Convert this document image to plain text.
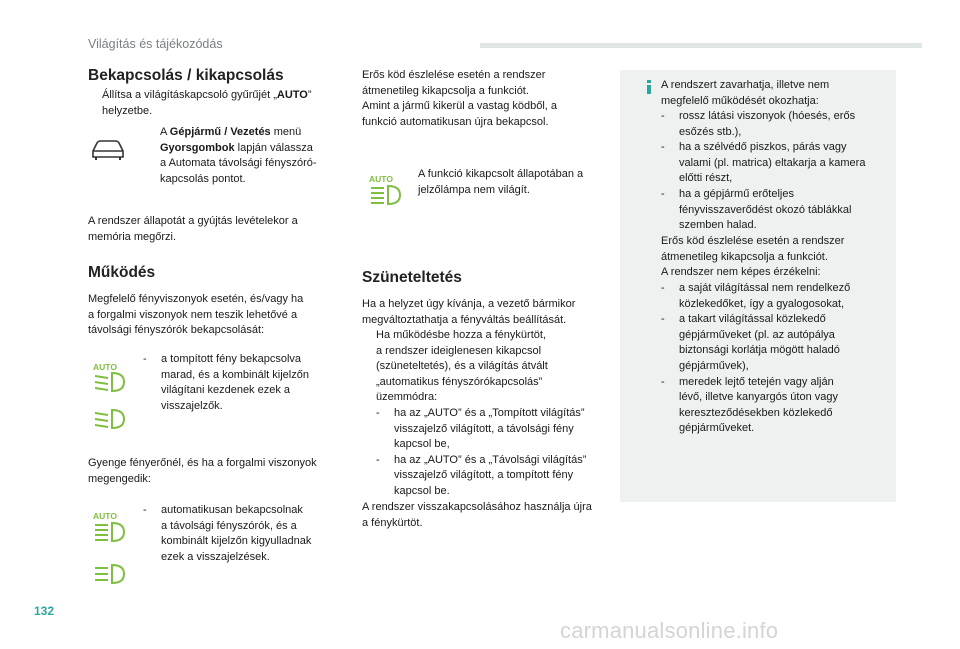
Világítás és tájékozódás
Bekapcsolás / kikapcsolás
Állítsa a világításkapcsoló gyűrűjét „AUTO”
helyzetbe.
A Gépjármű / Vezetés menü
Gyorsgombok lapján válassza
a Automata távolsági fényszóró-
kapcsolás pontot.
A rendszer állapotát a gyújtás levételekor a
memória megőrzi.
Működés
Megfelelő fényviszonyok esetén, és/vagy ha
a forgalmi viszonyok nem teszik lehetővé a
távolsági fényszórók bekapcsolását:
AUTO
- a tompított fény bekapcsolva
marad, és a kombinált kijelzőn
világítani kezdenek ezek a
visszajelzők.
Gyenge fényerőnél, és ha a forgalmi viszonyok
megengedik:
AUTO - automatikusan bekapcsolnak
a távolsági fényszórók, és a
kombinált kijelzőn kigyulladnak
ezek a visszajelzések.
Erős köd észlelése esetén a rendszer
átmenetileg kikapcsolja a funkciót.
Amint a jármű kikerül a vastag ködből, a
funkció automatikusan újra bekapcsol.
AUTO A funkció kikapcsolt állapotában a
jelzőlámpa nem világít.
Szüneteltetés
Ha a helyzet úgy kívánja, a vezető bármikor
megváltoztathatja a fényváltás beállítását.
Ha működésbe hozza a fénykürtöt,
a rendszer ideiglenesen kikapcsol
(szüneteltetés), és a világítás átvált
„automatikus fényszórókapcsolás”
üzemmódra:
- ha az „AUTO” és a „Tompított világítás”
visszajelző világított, a távolsági fény
kapcsol be,
- ha az „AUTO” és a „Távolsági világítás”
visszajelző világított, a tompított fény
kapcsol be.
A rendszer visszakapcsolásához használja újra
a fénykürtöt.
A rendszert zavarhatja, illetve nem
megfelelő működését okozhatja:
- rossz látási viszonyok (hóesés, erős
esőzés stb.),
- ha a szélvédő piszkos, párás vagy
valami (pl. matrica) eltakarja a kamera
előtti részt,
- ha a gépjármű erőteljes
fényvisszaverődést okozó táblákkal
szemben halad.
Erős köd észlelése esetén a rendszer
átmenetileg kikapcsolja a funkciót.
A rendszer nem képes érzékelni:
- a saját világítással nem rendelkező
közlekedőket, így a gyalogosokat,
- a takart világítással közlekedő
gépjárműveket (pl. az autópálya
biztonsági korlátja mögött haladó
gépjárművek),
- meredek lejtő tetején vagy alján
lévő, illetve kanyargós úton vagy
kereszteződésekben közlekedő
gépjárműveket.
132
carmanualsonline.info
